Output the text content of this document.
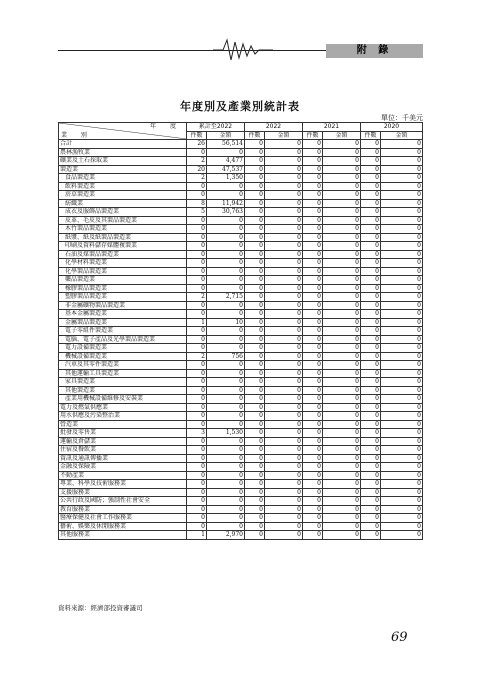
附 錄
年度別及產業別統計表
單位：千美元
年 度
業 別	累計至2022		2022		2021		2020	
	件數	金額	件數	金額	件數	金額	件數	金額
合計	26	56,514	0	0	0	0	0	0
農林漁牧業	0	0	0	0	0	0	0	0
礦業及土石採取業	2	4,477	0	0	0	0	0	0
製造業	20	47,537	0	0	0	0	0	0
食品製造業	2	1,350	0	0	0	0	0	0
飲料製造業	0	0	0	0	0	0	0	0
菸草製造業	0	0	0	0	0	0	0	0
紡織業	8	11,942	0	0	0	0	0	0
成衣及服飾品製造業	5	30,763	0	0	0	0	0	0
皮革、毛皮及其製品製造業	0	0	0	0	0	0	0	0
木竹製品製造業	0	0	0	0	0	0	0	0
紙漿、紙及紙製品製造業	0	0	0	0	0	0	0	0
印刷及資料儲存媒體複製業	0	0	0	0	0	0	0	0
石油及煤製品製造業	0	0	0	0	0	0	0	0
化學材料製造業	0	0	0	0	0	0	0	0
化學製品製造業	0	0	0	0	0	0	0	0
藥品製造業	0	0	0	0	0	0	0	0
橡膠製品製造業	0	0	0	0	0	0	0	0
塑膠製品製造業	2	2,715	0	0	0	0	0	0
非金屬礦物製品製造業	0	0	0	0	0	0	0	0
基本金屬製造業	0	0	0	0	0	0	0	0
金屬製品製造業	1	10	0	0	0	0	0	0
電子零組件製造業	0	0	0	0	0	0	0	0
電腦、電子產品及光學製品製造業	0	0	0	0	0	0	0	0
電力設備製造業	0	0	0	0	0	0	0	0
機械設備製造業	2	756	0	0	0	0	0	0
汽車及其零件製造業	0	0	0	0	0	0	0	0
其他運輸工具製造業	0	0	0	0	0	0	0	0
家具製造業	0	0	0	0	0	0	0	0
其他製造業	0	0	0	0	0	0	0	0
產業用機械設備維修及安裝業	0	0	0	0	0	0	0	0
電力及燃氣供應業	0	0	0	0	0	0	0	0
用水供應及污染整治業	0	0	0	0	0	0	0	0
營造業	0	0	0	0	0	0	0	0
批發及零售業	3	1,530	0	0	0	0	0	0
運輸及倉儲業	0	0	0	0	0	0	0	0
住宿及餐飲業	0	0	0	0	0	0	0	0
資訊及通訊傳播業	0	0	0	0	0	0	0	0
金融及保險業	0	0	0	0	0	0	0	0
不動產業	0	0	0	0	0	0	0	0
專業、科學及技術服務業	0	0	0	0	0	0	0	0
支援服務業	0	0	0	0	0	0	0	0
公共行政及國防；強制性社會安全	0	0	0	0	0	0	0	0
教育服務業	0	0	0	0	0	0	0	0
醫療保健及社會工作服務業	0	0	0	0	0	0	0	0
藝術、娛樂及休閒服務業	0	0	0	0	0	0	0	0
其他服務業	1	2,970	0	0	0	0	0	0
資料來源：經濟部投資審議司
69
